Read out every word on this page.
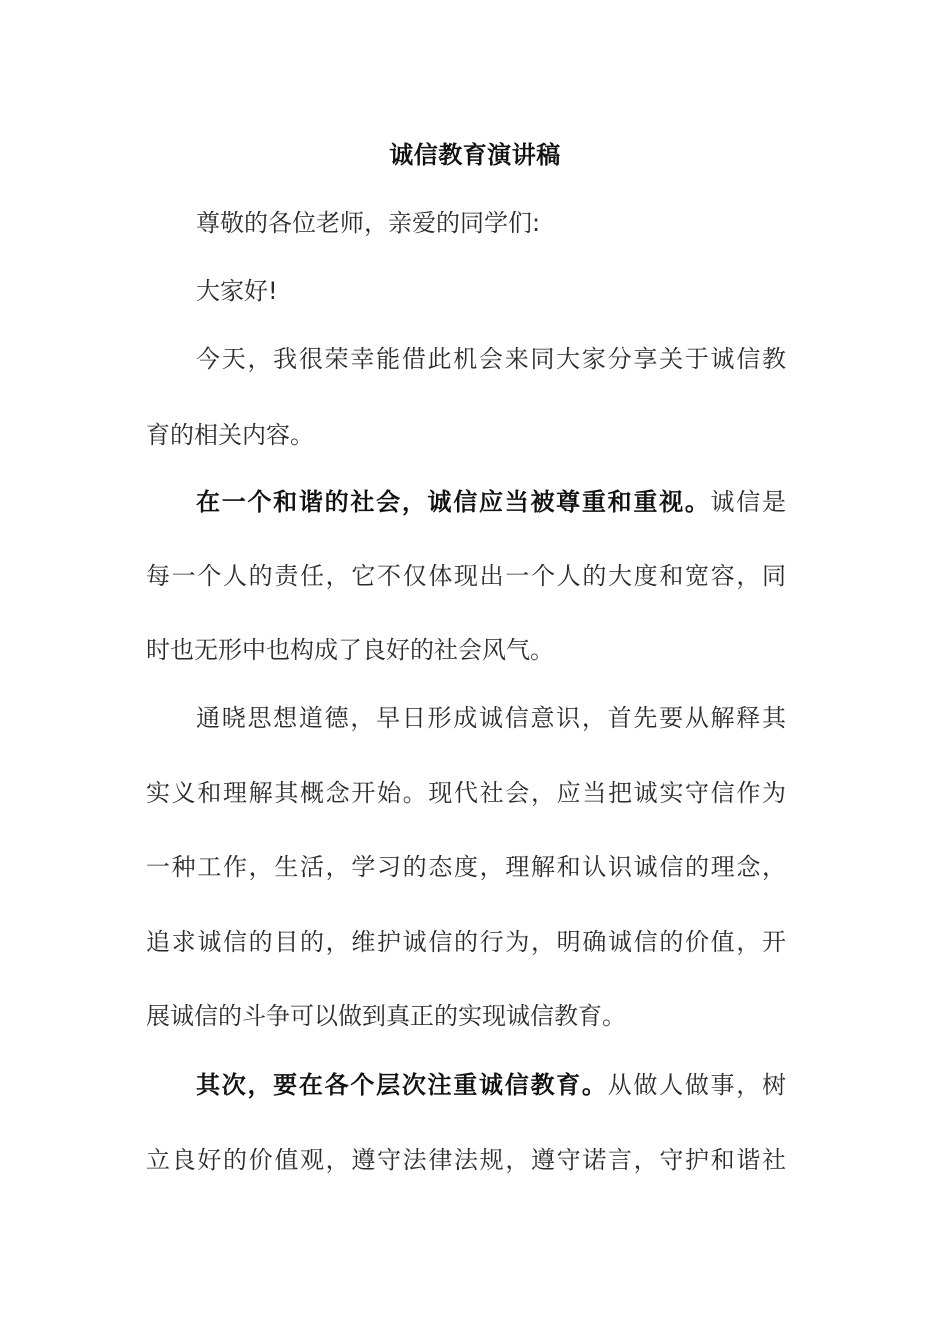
诚信教育演讲稿
尊敬的各位老师，亲爱的同学们:
大家好!
今天，我很荣幸能借此机会来同大家分享关于诚信教
育的相关内容。
在一个和谐的社会，诚信应当被尊重和重视。诚信是
每一个人的责任，它不仅体现出一个人的大度和宽容，同
时也无形中也构成了良好的社会风气。
通晓思想道德，早日形成诚信意识，首先要从解释其
实义和理解其概念开始。现代社会，应当把诚实守信作为
一种工作，生活，学习的态度，理解和认识诚信的理念，
追求诚信的目的，维护诚信的行为，明确诚信的价值，开
展诚信的斗争可以做到真正的实现诚信教育。
其次，要在各个层次注重诚信教育。从做人做事，树
立良好的价值观，遵守法律法规，遵守诺言，守护和谐社
